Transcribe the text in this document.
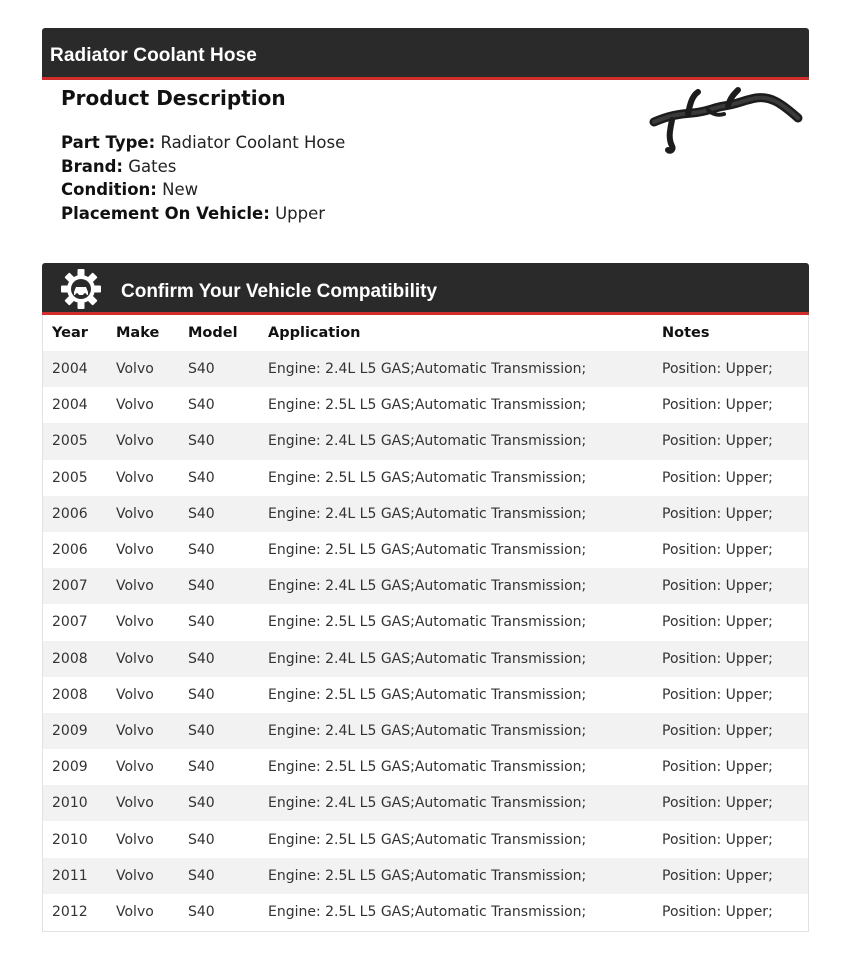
Radiator Coolant Hose
Product Description
Part Type: Radiator Coolant Hose
Brand: Gates
Condition: New
Placement On Vehicle: Upper
Confirm Your Vehicle Compatibility
Year	Make	Model	Application	Notes
2004	Volvo	S40	Engine: 2.4L L5 GAS;Automatic Transmission;	Position: Upper;
2004	Volvo	S40	Engine: 2.5L L5 GAS;Automatic Transmission;	Position: Upper;
2005	Volvo	S40	Engine: 2.4L L5 GAS;Automatic Transmission;	Position: Upper;
2005	Volvo	S40	Engine: 2.5L L5 GAS;Automatic Transmission;	Position: Upper;
2006	Volvo	S40	Engine: 2.4L L5 GAS;Automatic Transmission;	Position: Upper;
2006	Volvo	S40	Engine: 2.5L L5 GAS;Automatic Transmission;	Position: Upper;
2007	Volvo	S40	Engine: 2.4L L5 GAS;Automatic Transmission;	Position: Upper;
2007	Volvo	S40	Engine: 2.5L L5 GAS;Automatic Transmission;	Position: Upper;
2008	Volvo	S40	Engine: 2.4L L5 GAS;Automatic Transmission;	Position: Upper;
2008	Volvo	S40	Engine: 2.5L L5 GAS;Automatic Transmission;	Position: Upper;
2009	Volvo	S40	Engine: 2.4L L5 GAS;Automatic Transmission;	Position: Upper;
2009	Volvo	S40	Engine: 2.5L L5 GAS;Automatic Transmission;	Position: Upper;
2010	Volvo	S40	Engine: 2.4L L5 GAS;Automatic Transmission;	Position: Upper;
2010	Volvo	S40	Engine: 2.5L L5 GAS;Automatic Transmission;	Position: Upper;
2011	Volvo	S40	Engine: 2.5L L5 GAS;Automatic Transmission;	Position: Upper;
2012	Volvo	S40	Engine: 2.5L L5 GAS;Automatic Transmission;	Position: Upper;
